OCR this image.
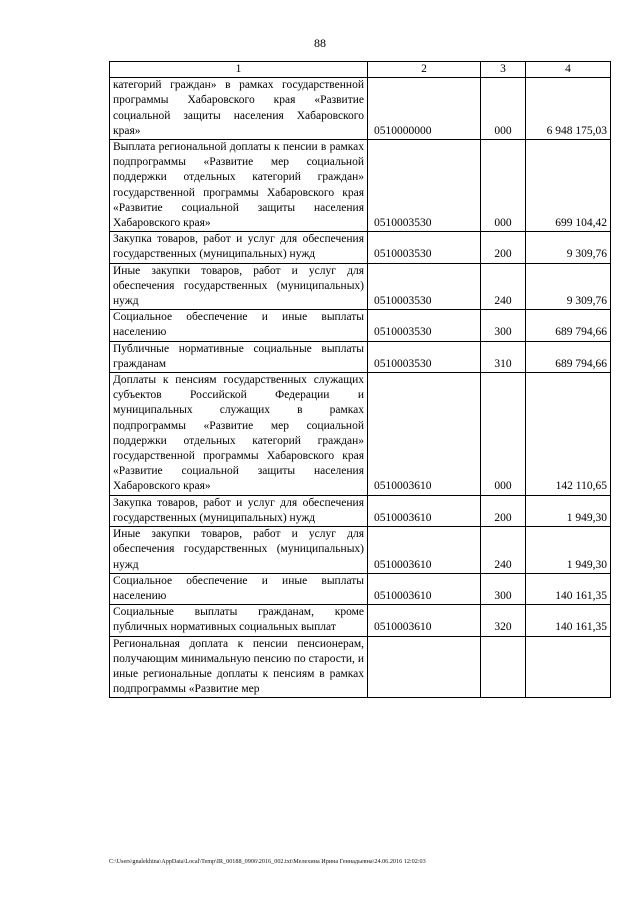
88
1	2	3	4
категорий граждан» в рамках государственной программы Хабаровского края «Развитие социальной защиты населения Хабаровского края»	0510000000	000	6 948 175,03
Выплата региональной доплаты к пенсии в рамках подпрограммы «Развитие мер социальной поддержки отдельных категорий граждан» государственной программы Хабаровского края «Развитие социальной защиты населения Хабаровского края»	0510003530	000	699 104,42
Закупка товаров, работ и услуг для обеспечения государственных (муниципальных) нужд	0510003530	200	9 309,76
Иные закупки товаров, работ и услуг для обеспечения государственных (муниципальных) нужд	0510003530	240	9 309,76
Социальное обеспечение и иные выплаты населению	0510003530	300	689 794,66
Публичные нормативные социальные выплаты гражданам	0510003530	310	689 794,66
Доплаты к пенсиям государственных служащих субъектов Российской Федерации и муниципальных служащих в рамках подпрограммы «Развитие мер социальной поддержки отдельных категорий граждан» государственной программы Хабаровского края «Развитие социальной защиты населения Хабаровского края»	0510003610	000	142 110,65
Закупка товаров, работ и услуг для обеспечения государственных (муниципальных) нужд	0510003610	200	1 949,30
Иные закупки товаров, работ и услуг для обеспечения государственных (муниципальных) нужд	0510003610	240	1 949,30
Социальное обеспечение и иные выплаты населению	0510003610	300	140 161,35
Социальные выплаты гражданам, кроме публичных нормативных социальных выплат	0510003610	320	140 161,35
Региональная доплата к пенсии пенсионерам, получающим минимальную пенсию по старости, и иные региональные доплаты к пенсиям в рамках подпрограммы «Развитие мер			
C:\Users\gnalekhina\AppData\Local\Temp\IR_00188_0906\2016_002.txt\Мелехина Ирина Геннадьевна\24.06.2016 12:02:03
